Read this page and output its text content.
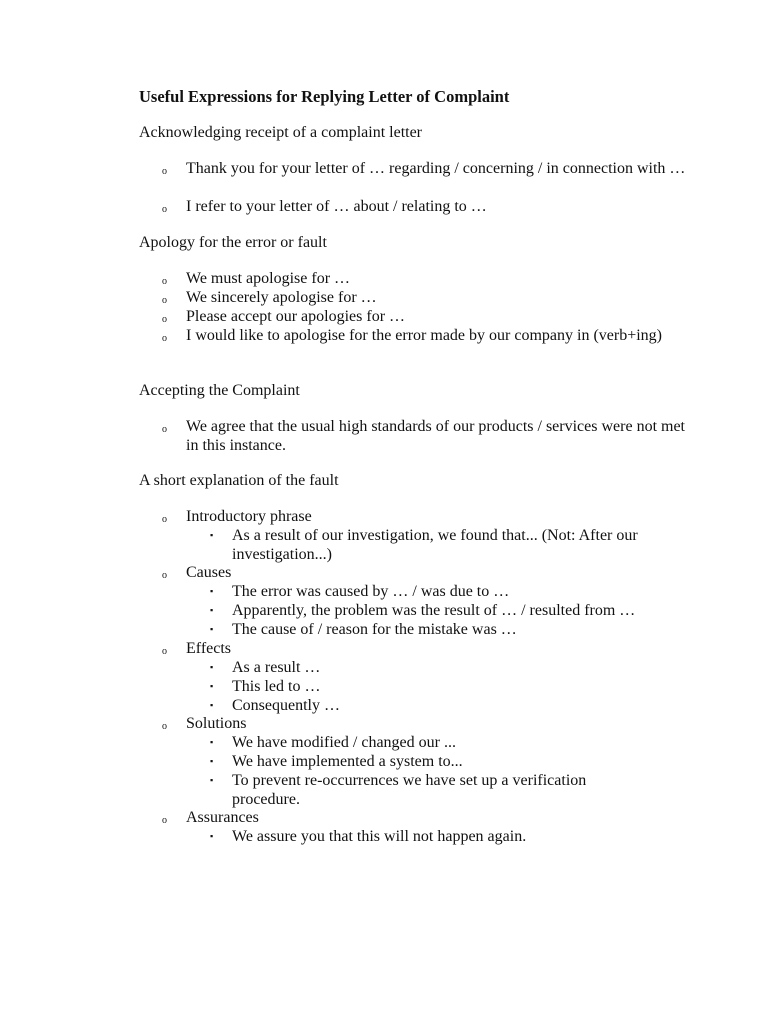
Useful Expressions for Replying Letter of Complaint
Acknowledging receipt of a complaint letter
Thank you for your letter of … regarding / concerning / in connection with …
o
I refer to your letter of … about / relating to …
o
Apology for the error or fault
We must apologise for …
o
We sincerely apologise for …
o
Please accept our apologies for …
o
I would like to apologise for the error made by our company in (verb+ing)
o
Accepting the Complaint
We agree that the usual high standards of our products / services were not met in this instance.
o
A short explanation of the fault
Introductory phrase
o
As a result of our investigation, we found that... (Not: After our investigation...)
▪
Causes
o
The error was caused by … / was due to …
▪
Apparently, the problem was the result of … / resulted from …
▪
The cause of / reason for the mistake was …
▪
Effects
o
As a result …
▪
This led to …
▪
Consequently …
▪
Solutions
o
We have modified / changed our ...
▪
We have implemented a system to...
▪
To prevent re-occurrences we have set up a verification procedure.
▪
Assurances
o
We assure you that this will not happen again.
▪
